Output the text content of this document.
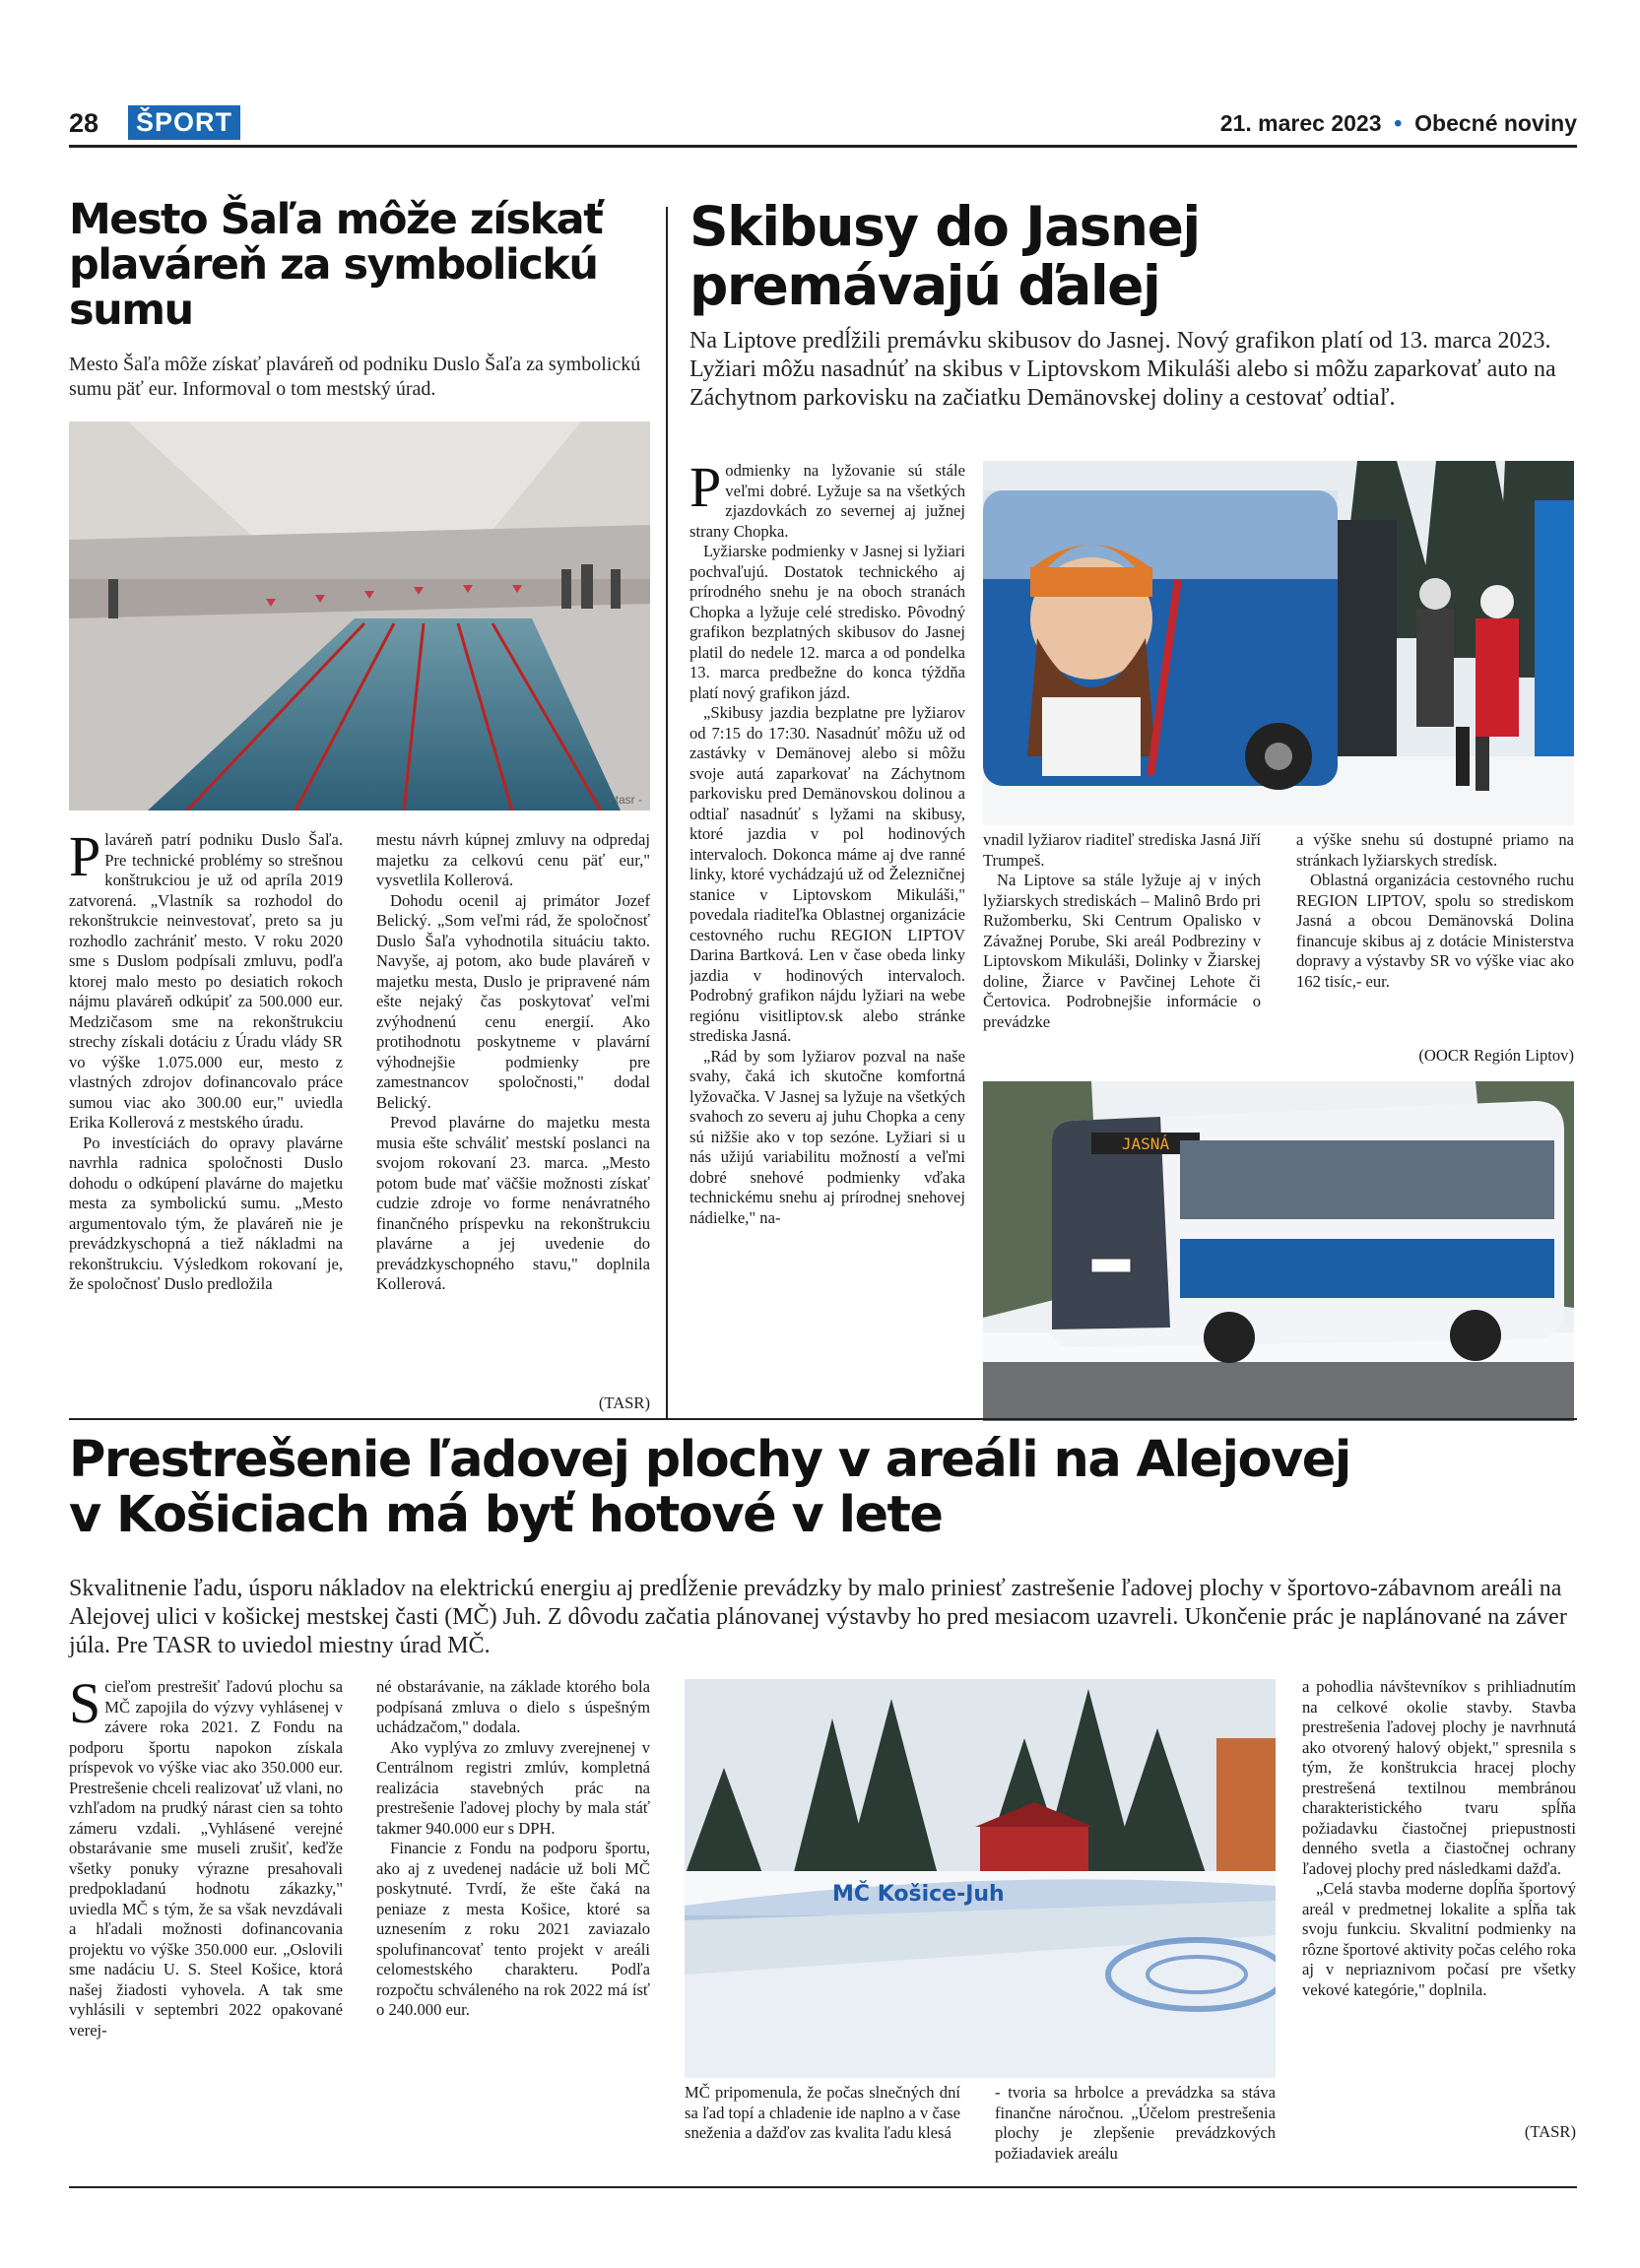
28 ŠPORT	21. marec 2023  •  Obecné noviny
Mesto Šaľa môže získať plaváreň za symbolickú sumu

Mesto Šaľa môže získať plaváreň od podniku Duslo Šaľa za symbolickú sumu päť eur. Informoval o tom mestský úrad.

- tasr -
P laváreň patrí podniku Duslo Šaľa. Pre technické problémy so strešnou konštrukciou je už od apríla 2019 zatvorená. „Vlastník sa rozhodol do rekonštrukcie neinvestovať, preto sa ju rozhodlo zachrániť mesto. V roku 2020 sme s Duslom podpísali zmluvu, podľa ktorej malo mesto po desiatich rokoch nájmu plaváreň odkúpiť za 500.000 eur. Medzičasom sme na rekonštrukciu strechy získali dotáciu z Úradu vlády SR vo výške 1.075.000 eur, mesto z vlastných zdrojov dofinancovalo práce sumou viac ako 300.00 eur," uviedla Erika Kollerová z mestského úradu.

Po investíciách do opravy plavárne navrhla radnica spoločnosti Duslo dohodu o odkúpení plavárne do majetku mesta za symbolickú sumu. „Mesto argumentovalo tým, že plaváreň nie je prevádzkyschopná a tiež nákladmi na rekonštrukciu. Výsledkom rokovaní je, že spoločnosť Duslo predložila

mestu návrh kúpnej zmluvy na odpredaj majetku za celkovú cenu päť eur," vysvetlila Kollerová.

Dohodu ocenil aj primátor Jozef Belický. „Som veľmi rád, že spoločnosť Duslo Šaľa vyhodnotila situáciu takto. Navyše, aj potom, ako bude plaváreň v majetku mesta, Duslo je pripravené nám ešte nejaký čas poskytovať veľmi zvýhodnenú cenu energií. Ako protihodnotu poskytneme v plavární výhodnejšie podmienky pre zamestnancov spoločnosti," dodal Belický.

Prevod plavárne do majetku mesta musia ešte schváliť mestskí poslanci na svojom rokovaní 23. marca. „Mesto potom bude mať väčšie možnosti získať cudzie zdroje vo forme nenávratného finančného príspevku na rekonštrukciu plavárne a jej uvedenie do prevádzkyschopného stavu," doplnila Kollerová.

(TASR)
Skibusy do Jasnej premávajú ďalej

Na Liptove predĺžili premávku skibusov do Jasnej. Nový grafikon platí od 13. marca 2023. Lyžiari môžu nasadnúť na skibus v Liptovskom Mikuláši alebo si môžu zaparkovať auto na Záchytnom parkovisku na začiatku Demänovskej doliny a cestovať odtiaľ.

P odmienky na lyžovanie sú stále veľmi dobré. Lyžuje sa na všetkých zjazdovkách zo severnej aj južnej strany Chopka.

Lyžiarske podmienky v Jasnej si lyžiari pochvaľujú. Dostatok technického aj prírodného snehu je na oboch stranách Chopka a lyžuje celé stredisko. Pôvodný grafikon bezplatných skibusov do Jasnej platil do nedele 12. marca a od pondelka 13. marca predbežne do konca týždňa platí nový grafikon jázd.

„Skibusy jazdia bezplatne pre lyžiarov od 7:15 do 17:30. Nasadnúť môžu už od zastávky v Demänovej alebo si môžu svoje autá zaparkovať na Záchytnom parkovisku pred Demänovskou dolinou a odtiaľ nasadnúť s lyžami na skibusy, ktoré jazdia v pol hodinových intervaloch. Dokonca máme aj dve ranné linky, ktoré vychádzajú už od Železničnej stanice v Liptovskom Mikuláši," povedala riaditeľka Oblastnej organizácie cestovného ruchu REGION LIPTOV Darina Bartková. Len v čase obeda linky jazdia v hodinových intervaloch. Podrobný grafikon nájdu lyžiari na webe regiónu visitliptov.sk alebo stránke strediska Jasná.

„Rád by som lyžiarov pozval na naše svahy, čaká ich skutočne komfortná lyžovačka. V Jasnej sa lyžuje na všetkých svahoch zo severu aj juhu Chopka a ceny sú nižšie ako v top sezóne. Lyžiari si u nás užijú variabilitu možností a veľmi dobré snehové podmienky vďaka technickému snehu aj prírodnej snehovej nádielke," na-

vnadil lyžiarov riaditeľ strediska Jasná Jiří Trumpeš.

Na Liptove sa stále lyžuje aj v iných lyžiarskych strediskách – Malinô Brdo pri Ružomberku, Ski Centrum Opalisko v Závažnej Porube, Ski areál Podbreziny v Liptovskom Mikuláši, Dolinky v Žiarskej doline, Žiarce v Pavčinej Lehote či Čertovica. Podrobnejšie informácie o prevádzke

a výške snehu sú dostupné priamo na stránkach lyžiarskych stredísk.

Oblastná organizácia cestovného ruchu REGION LIPTOV, spolu so strediskom Jasná a obcou Demänovská Dolina financuje skibus aj z dotácie Ministerstva dopravy a výstavby SR vo výške viac ako 162 tisíc,- eur.

(OOCR Región Liptov)
JASNÁ
Prestrešenie ľadovej plochy v areáli na Alejovej
v Košiciach má byť hotové v lete

Skvalitnenie ľadu, úsporu nákladov na elektrickú energiu aj predĺženie prevádzky by malo priniesť zastrešenie ľadovej plochy v športovo-zábavnom areáli na Alejovej ulici v košickej mestskej časti (MČ) Juh. Z dôvodu začatia plánovanej výstavby ho pred mesiacom uzavreli. Ukončenie prác je naplánované na záver júla. Pre TASR to uviedol miestny úrad MČ.

S cieľom prestrešiť ľadovú plochu sa MČ zapojila do výzvy vyhlásenej v závere roka 2021. Z Fondu na podporu športu napokon získala príspevok vo výške viac ako 350.000 eur. Prestrešenie chceli realizovať už vlani, no vzhľadom na prudký nárast cien sa tohto zámeru vzdali. „Vyhlásené verejné obstarávanie sme museli zrušiť, keďže všetky ponuky výrazne presahovali predpokladanú hodnotu zákazky," uviedla MČ s tým, že sa však nevzdávali a hľadali možnosti dofinancovania projektu vo výške 350.000 eur. „Oslovili sme nadáciu U. S. Steel Košice, ktorá našej žiadosti vyhovela. A tak sme vyhlásili v septembri 2022 opakované verej-

né obstarávanie, na základe ktorého bola podpísaná zmluva o dielo s úspešným uchádzačom," dodala.

Ako vyplýva zo zmluvy zverejnenej v Centrálnom registri zmlúv, kompletná realizácia stavebných prác na prestrešenie ľadovej plochy by mala stáť takmer 940.000 eur s DPH.

Financie z Fondu na podporu športu, ako aj z uvedenej nadácie už boli MČ poskytnuté. Tvrdí, že ešte čaká na peniaze z mesta Košice, ktoré sa uznesením z roku 2021 zaviazalo spolufinancovať tento projekt v areáli celomestského charakteru. Podľa rozpočtu schváleného na rok 2022 má ísť o 240.000 eur.

MČ Košice-Juh

MČ pripomenula, že počas slnečných dní sa ľad topí a chladenie ide naplno a v čase sneženia a dažďov zas kvalita ľadu klesá

- tvoria sa hrbolce a prevádzka sa stáva finančne náročnou. „Účelom prestrešenia plochy je zlepšenie prevádzkových požiadaviek areálu

a pohodlia návštevníkov s prihliadnutím na celkové okolie stavby. Stavba prestrešenia ľadovej plochy je navrhnutá ako otvorený halový objekt," spresnila s tým, že konštrukcia hracej plochy prestrešená textilnou membránou charakteristického tvaru spĺňa požiadavku čiastočnej priepustnosti denného svetla a čiastočnej ochrany ľadovej plochy pred následkami dažďa.

„Celá stavba moderne dopĺňa športový areál v predmetnej lokalite a spĺňa tak svoju funkciu. Skvalitní podmienky na rôzne športové aktivity počas celého roka aj v nepriaznivom počasí pre všetky vekové kategórie," doplnila.

(TASR)
